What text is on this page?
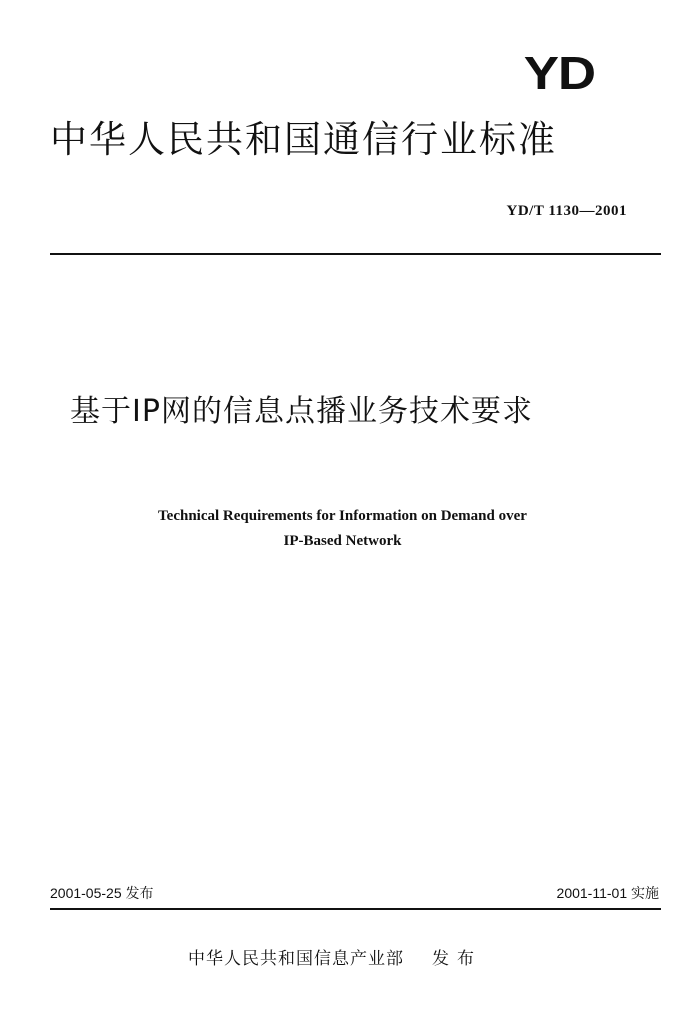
YD
中华人民共和国通信行业标准
YD/T 1130—2001
基于IP网的信息点播业务技术要求
Technical Requirements for Information on Demand over
IP-Based Network
2001-05-25 发布	2001-11-01 实施
中华人民共和国信息产业部 发布
